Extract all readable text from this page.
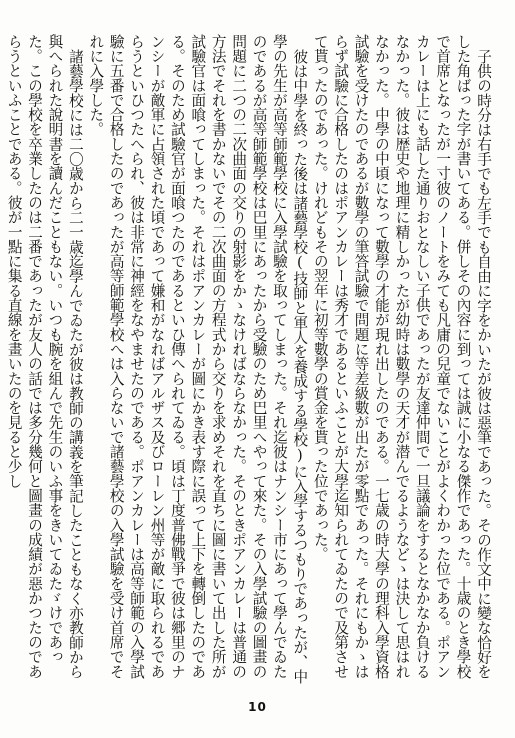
子供の時分は右手でも左手でも自由に字をかいたが彼は惡筆であった。その作文中に變な恰好をした角ばった字が書いてある。併しその內容に到っては誠に小なる傑作であった。十歳のとき學校で首席となったが一寸彼のノートをみても凡庸の兒童でないことがよくわかった位である。ポアンカレーは上にも話した通りおとなしい子供であったが友達仲間で一旦議論をするとなかなか負けるなかった。彼は歴史や地理に精しかったが幼時は數學の天才が潜んでるようなどゝは決して思はれなかった。中學の中頃になって數學の才能が現れ出したのである。一七歳の時大學の理科入學資格試驗を受けたのであるが數學の筆答試驗で問題に等差級數が出たが零點であった。それにもかゝはらず試驗に合格したのはポアンカレーは秀才であるといふことが大學迄知られてゐたので及第させて貰ったのであった。けれどもその翌年に初等數學の賞金を貰った位であった。

彼は中學を終った後は諸藝學校(技師と軍人を養成する學校)に入學するつもりであったが、中學の先生が高等師範學校に入學試驗を取ってしまった。それ迄彼はナンシー市にあって學んでゐたのであるが高等師範學校は巴里にあったから受驗のため巴里へやって來た。その入學試驗の圖畫の問題に二つの二次曲面の交りの射影をかゝなければならなかった。そのときポアンカレーは普通の方法でそれを書かないでその二次曲面の方程式から交りを求めそれを直ちに圖に書いて出した所が試驗官は面喰ってしまった。それはポアンカレーが圖にかき表す際に誤って上下を轉倒したのである。そのため試驗官が面喰つたのであるといひ傳へられてゐる。頃は丁度普佛戰爭で彼は郷里のナンシーが敵軍に占領された頃であって嫌和がなればアルザス及びローレン州等が敵に取られるであらうといひつたへられ、彼は非常に神經をなやませたのである。ポアンカレーは高等師範の入學試驗に五番で合格したのであったが高等師範學校へは入らないで諸藝學校の入學試驗を受け首席でそれに入學した。

諸藝學校には二〇歳から二一歳迄學んでゐたが彼は教師の講義を筆記したこともなく亦教師から與へられた說明書を讀んだこともない。いつも腕を組んで先生のいふ事をきいてゐたゞけであった。この學校を卒業したのは二番であったが友人の話では多分幾何と圖畫の成績が惡かつたのであらうといふことである。彼が一點に集る直線を畫いたのを見ると少し

10
